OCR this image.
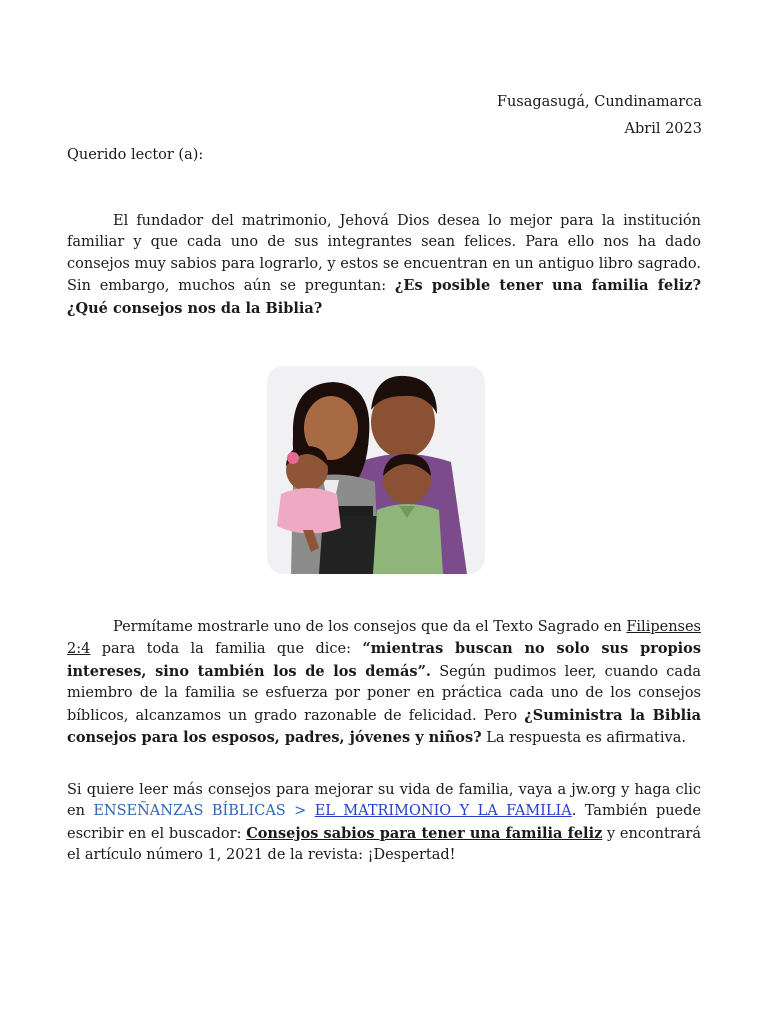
Fusagasugá, Cundinamarca
Abril 2023
Querido lector (a):

El fundador del matrimonio, Jehová Dios desea lo mejor para la institución familiar y que cada uno de sus integrantes sean felices. Para ello nos ha dado consejos muy sabios para lograrlo, y estos se encuentran en un antiguo libro sagrado. Sin embargo, muchos aún se preguntan: ¿Es posible tener una familia feliz? ¿Qué consejos nos da la Biblia?

Permítame mostrarle uno de los consejos que da el Texto Sagrado en Filipenses 2:4 para toda la familia que dice: “mientras buscan no solo sus propios intereses, sino también los de los demás”. Según pudimos leer, cuando cada miembro de la familia se esfuerza por poner en práctica cada uno de los consejos bíblicos, alcanzamos un grado razonable de felicidad. Pero ¿Suministra la Biblia consejos para los esposos, padres, jóvenes y niños? La respuesta es afirmativa.

Si quiere leer más consejos para mejorar su vida de familia, vaya a jw.org y haga clic en ENSEÑANZAS BÍBLICAS > EL MATRIMONIO Y LA FAMILIA. También puede escribir en el buscador: Consejos sabios para tener una familia feliz y encontrará el artículo número 1, 2021 de la revista: ¡Despertad!
